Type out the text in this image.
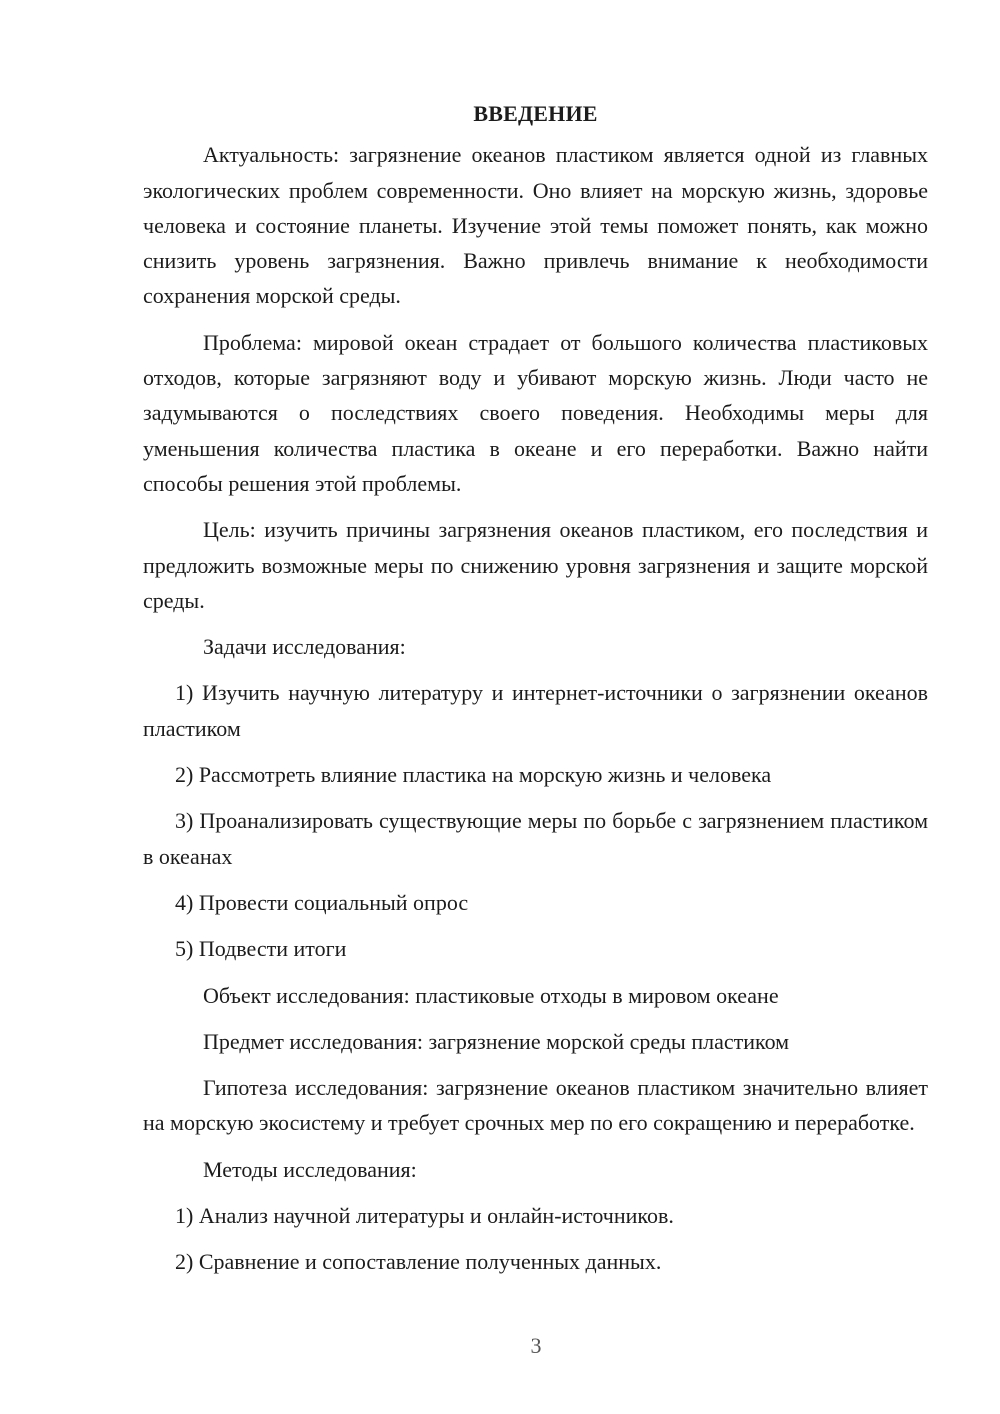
ВВЕДЕНИЕ

Актуальность: загрязнение океанов пластиком является одной из главных экологических проблем современности. Оно влияет на морскую жизнь, здоровье человека и состояние планеты. Изучение этой темы поможет понять, как можно снизить уровень загрязнения. Важно привлечь внимание к необходимости сохранения морской среды.

Проблема: мировой океан страдает от большого количества пластиковых отходов, которые загрязняют воду и убивают морскую жизнь. Люди часто не задумываются о последствиях своего поведения. Необходимы меры для уменьшения количества пластика в океане и его переработки. Важно найти способы решения этой проблемы.

Цель: изучить причины загрязнения океанов пластиком, его последствия и предложить возможные меры по снижению уровня загрязнения и защите морской среды.

Задачи исследования:

1) Изучить научную литературу и интернет-источники о загрязнении океанов пластиком

2) Рассмотреть влияние пластика на морскую жизнь и человека

3) Проанализировать существующие меры по борьбе с загрязнением пластиком в океанах

4) Провести социальный опрос

5) Подвести итоги

Объект исследования: пластиковые отходы в мировом океане

Предмет исследования: загрязнение морской среды пластиком

Гипотеза исследования: загрязнение океанов пластиком значительно влияет на морскую экосистему и требует срочных мер по его сокращению и переработке.

Методы исследования:

1) Анализ научной литературы и онлайн-источников.

2) Сравнение и сопоставление полученных данных.

3
